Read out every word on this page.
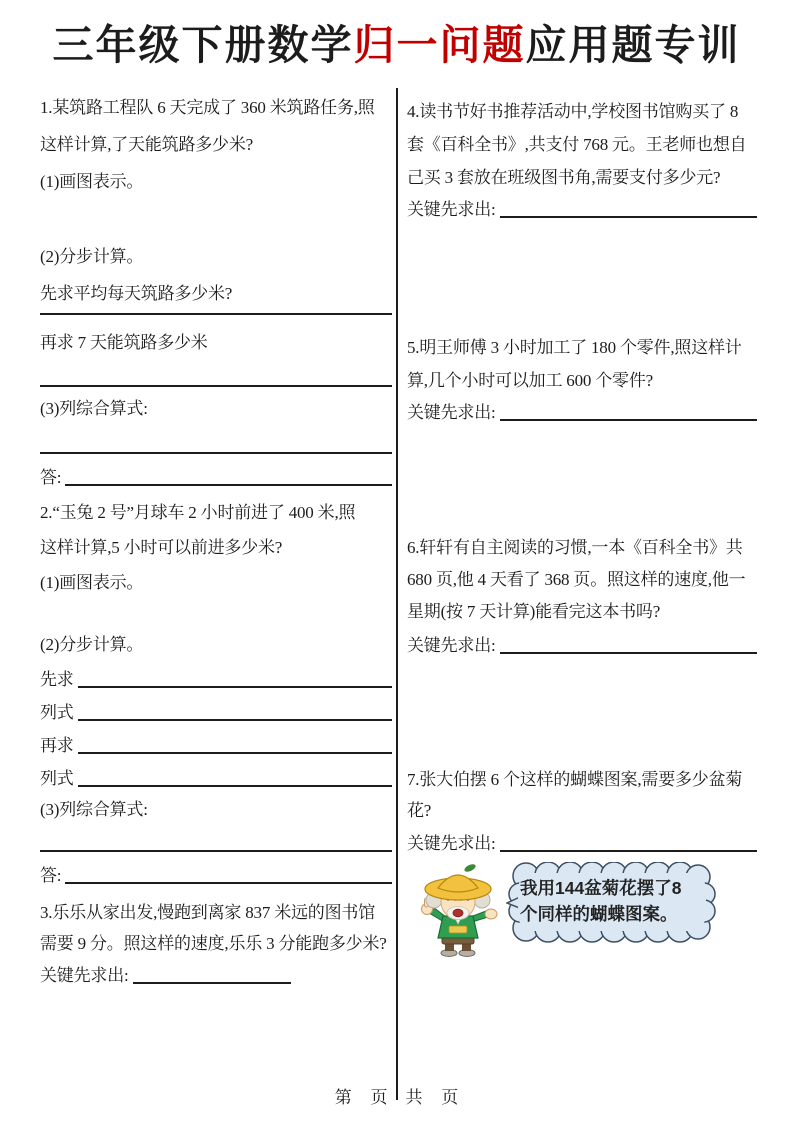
三年级下册数学归一问题应用题专训
1.某筑路工程队 6 天完成了 360 米筑路任务,照
这样计算,了天能筑路多少米?
(1)画图表示。
(2)分步计算。
先求平均每天筑路多少米?
再求 7 天能筑路多少米
(3)列综合算式:
答:
2.“玉兔 2 号”月球车 2 小时前进了 400 米,照
这样计算,5 小时可以前进多少米?
(1)画图表示。
(2)分步计算。
先求
列式
再求
列式
(3)列综合算式:
答:
3.乐乐从家出发,慢跑到离家 837 米远的图书馆
需要 9 分。照这样的速度,乐乐 3 分能跑多少米?
关键先求出:
4.读书节好书推荐活动中,学校图书馆购买了 8
套《百科全书》,共支付 768 元。王老师也想自
己买 3 套放在班级图书角,需要支付多少元?
关键先求出:
5.明王师傅 3 小时加工了 180 个零件,照这样计
算,几个小时可以加工 600 个零件?
关键先求出:
6.轩轩有自主阅读的习惯,一本《百科全书》共
680 页,他 4 天看了 368 页。照这样的速度,他一
星期(按 7 天计算)能看完这本书吗?
关键先求出:
7.张大伯摆 6 个这样的蝴蝶图案,需要多少盆菊
花?
关键先求出:
我用144盆菊花摆了8
个同样的蝴蝶图案。
第 页 共 页
